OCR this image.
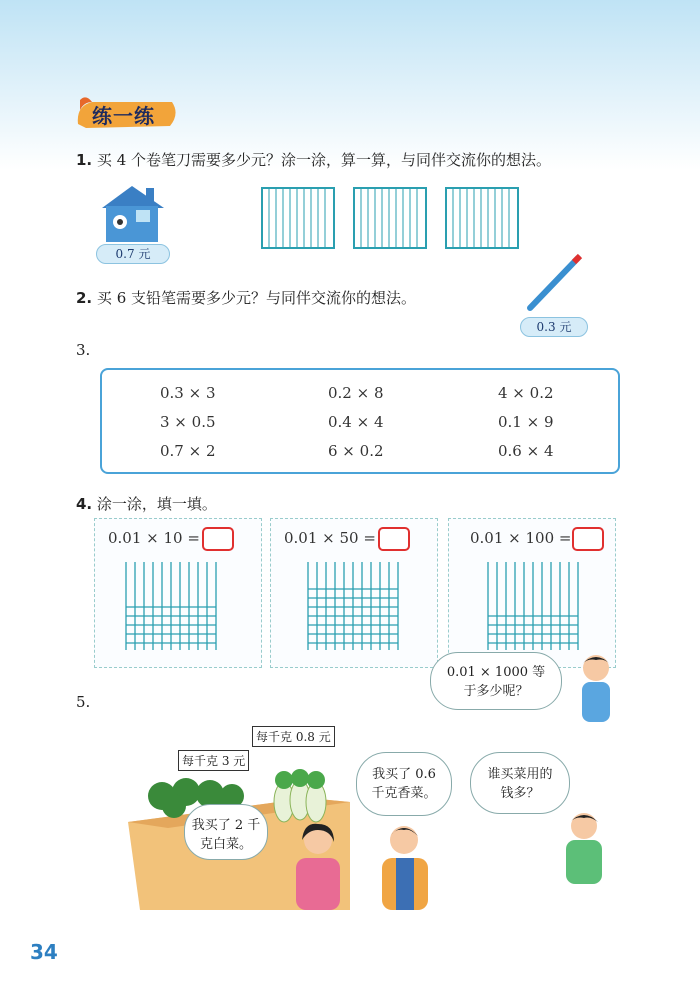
练一练
1. 买 4 个卷笔刀需要多少元？涂一涂，算一算，与同伴交流你的想法。
0.7 元
2. 买 6 支铅笔需要多少元？与同伴交流你的想法。
0.3 元
3.
0.3 × 3	0.2 × 8	4 × 0.2
3 × 0.5	0.4 × 4	0.1 × 9
0.7 × 2	6 × 0.2	0.6 × 4
4. 涂一涂，填一填。
0.01 × 10 =	0.01 × 50 =	0.01 × 100 =
0.01 × 1000 等于多少呢？
5.
每千克 0.8 元
每千克 3 元
我买了 2 千克白菜。
我买了 0.6 千克香菜。
谁买菜用的钱多？
34
